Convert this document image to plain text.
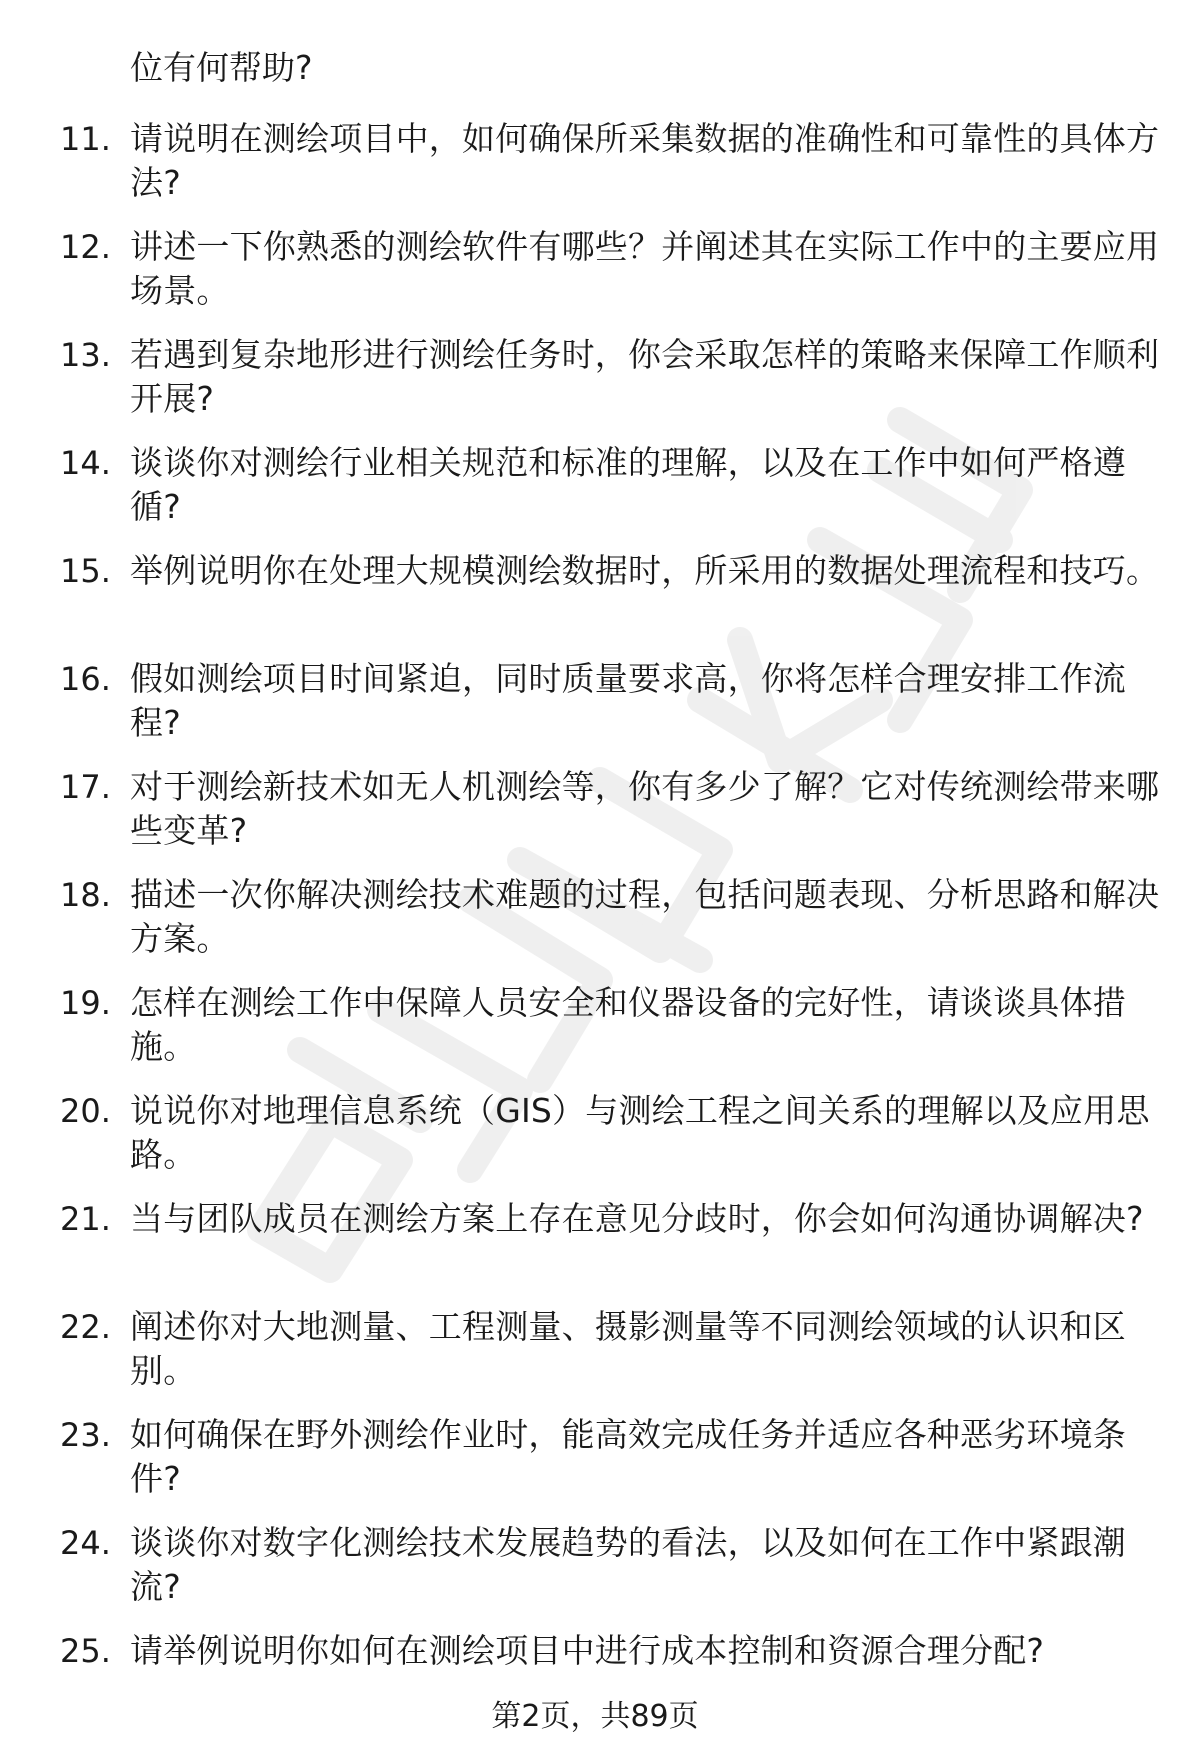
位有何帮助?
11. 请说明在测绘项目中，如何确保所采集数据的准确性和可靠性的具体方法?
12. 讲述一下你熟悉的测绘软件有哪些？并阐述其在实际工作中的主要应用场景。
13. 若遇到复杂地形进行测绘任务时，你会采取怎样的策略来保障工作顺利开展?
14. 谈谈你对测绘行业相关规范和标准的理解，以及在工作中如何严格遵循?
15. 举例说明你在处理大规模测绘数据时，所采用的数据处理流程和技巧。
16. 假如测绘项目时间紧迫，同时质量要求高，你将怎样合理安排工作流程?
17. 对于测绘新技术如无人机测绘等，你有多少了解？它对传统测绘带来哪些变革?
18. 描述一次你解决测绘技术难题的过程，包括问题表现、分析思路和解决方案。
19. 怎样在测绘工作中保障人员安全和仪器设备的完好性，请谈谈具体措施。
20. 说说你对地理信息系统（GIS）与测绘工程之间关系的理解以及应用思路。
21. 当与团队成员在测绘方案上存在意见分歧时，你会如何沟通协调解决?
22. 阐述你对大地测量、工程测量、摄影测量等不同测绘领域的认识和区别。
23. 如何确保在野外测绘作业时，能高效完成任务并适应各种恶劣环境条件?
24. 谈谈你对数字化测绘技术发展趋势的看法，以及如何在工作中紧跟潮流?
25. 请举例说明你如何在测绘项目中进行成本控制和资源合理分配?
第2页，共89页
